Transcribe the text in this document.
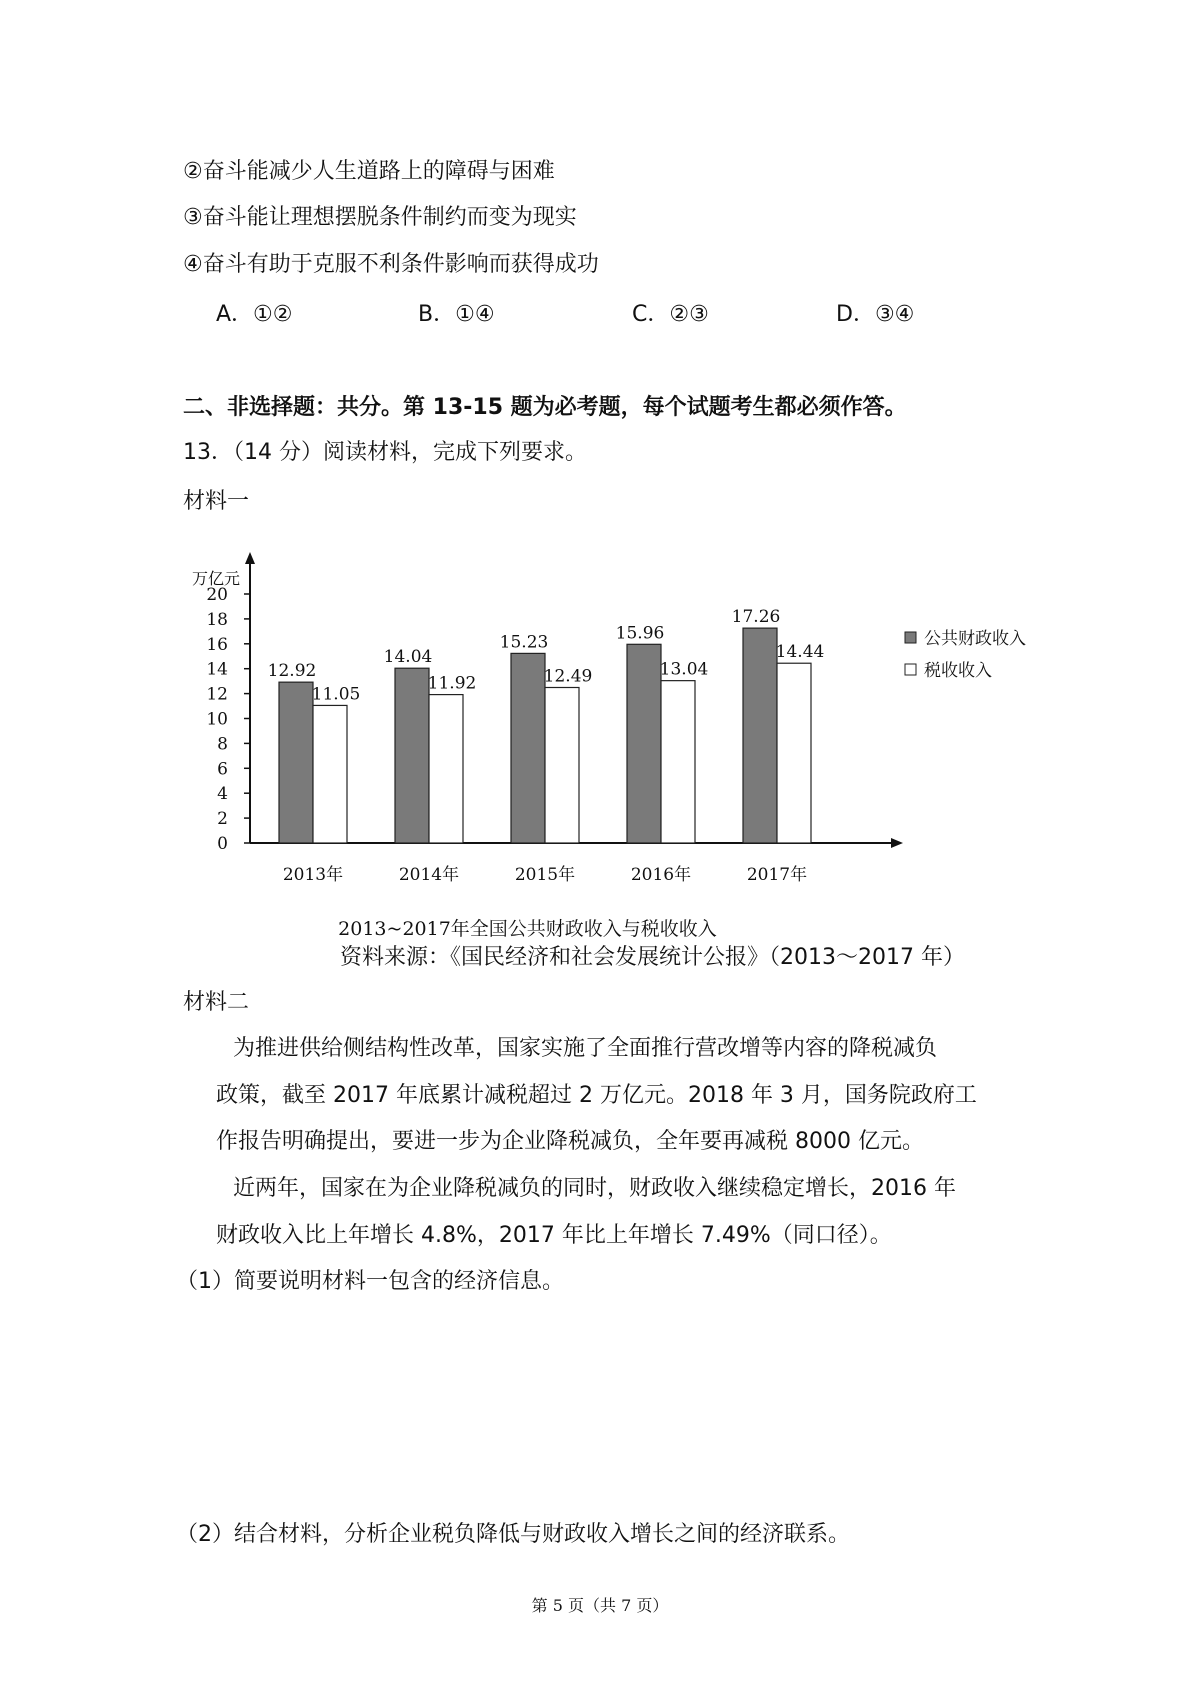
②奋斗能减少人生道路上的障碍与困难
③奋斗能让理想摆脱条件制约而变为现实
④奋斗有助于克服不利条件影响而获得成功
A．①②	B．①④	C．②③	D．③④
二、非选择题：共分。第 13-15 题为必考题，每个试题考生都必须作答。
13．（14 分）阅读材料，完成下列要求。
材料一
万亿元
0
2
4
6
8
10
12
14
16
18
20
12.92
11.05
2013年
14.04
11.92
2014年
15.23
12.49
2015年
15.96
13.04
2016年
17.26
14.44
2017年
公共财政收入
税收收入
2013~2017年全国公共财政收入与税收收入
资料来源：《国民经济和社会发展统计公报》（2013～2017 年）
材料二
为推进供给侧结构性改革，国家实施了全面推行营改增等内容的降税减负
政策，截至 2017 年底累计减税超过 2 万亿元。2018 年 3 月，国务院政府工
作报告明确提出，要进一步为企业降税减负，全年要再减税 8000 亿元。
近两年，国家在为企业降税减负的同时，财政收入继续稳定增长，2016 年
财政收入比上年增长 4.8%，2017 年比上年增长 7.49%（同口径）。
（1）简要说明材料一包含的经济信息。
（2）结合材料，分析企业税负降低与财政收入增长之间的经济联系。
第 5 页（共 7 页）
